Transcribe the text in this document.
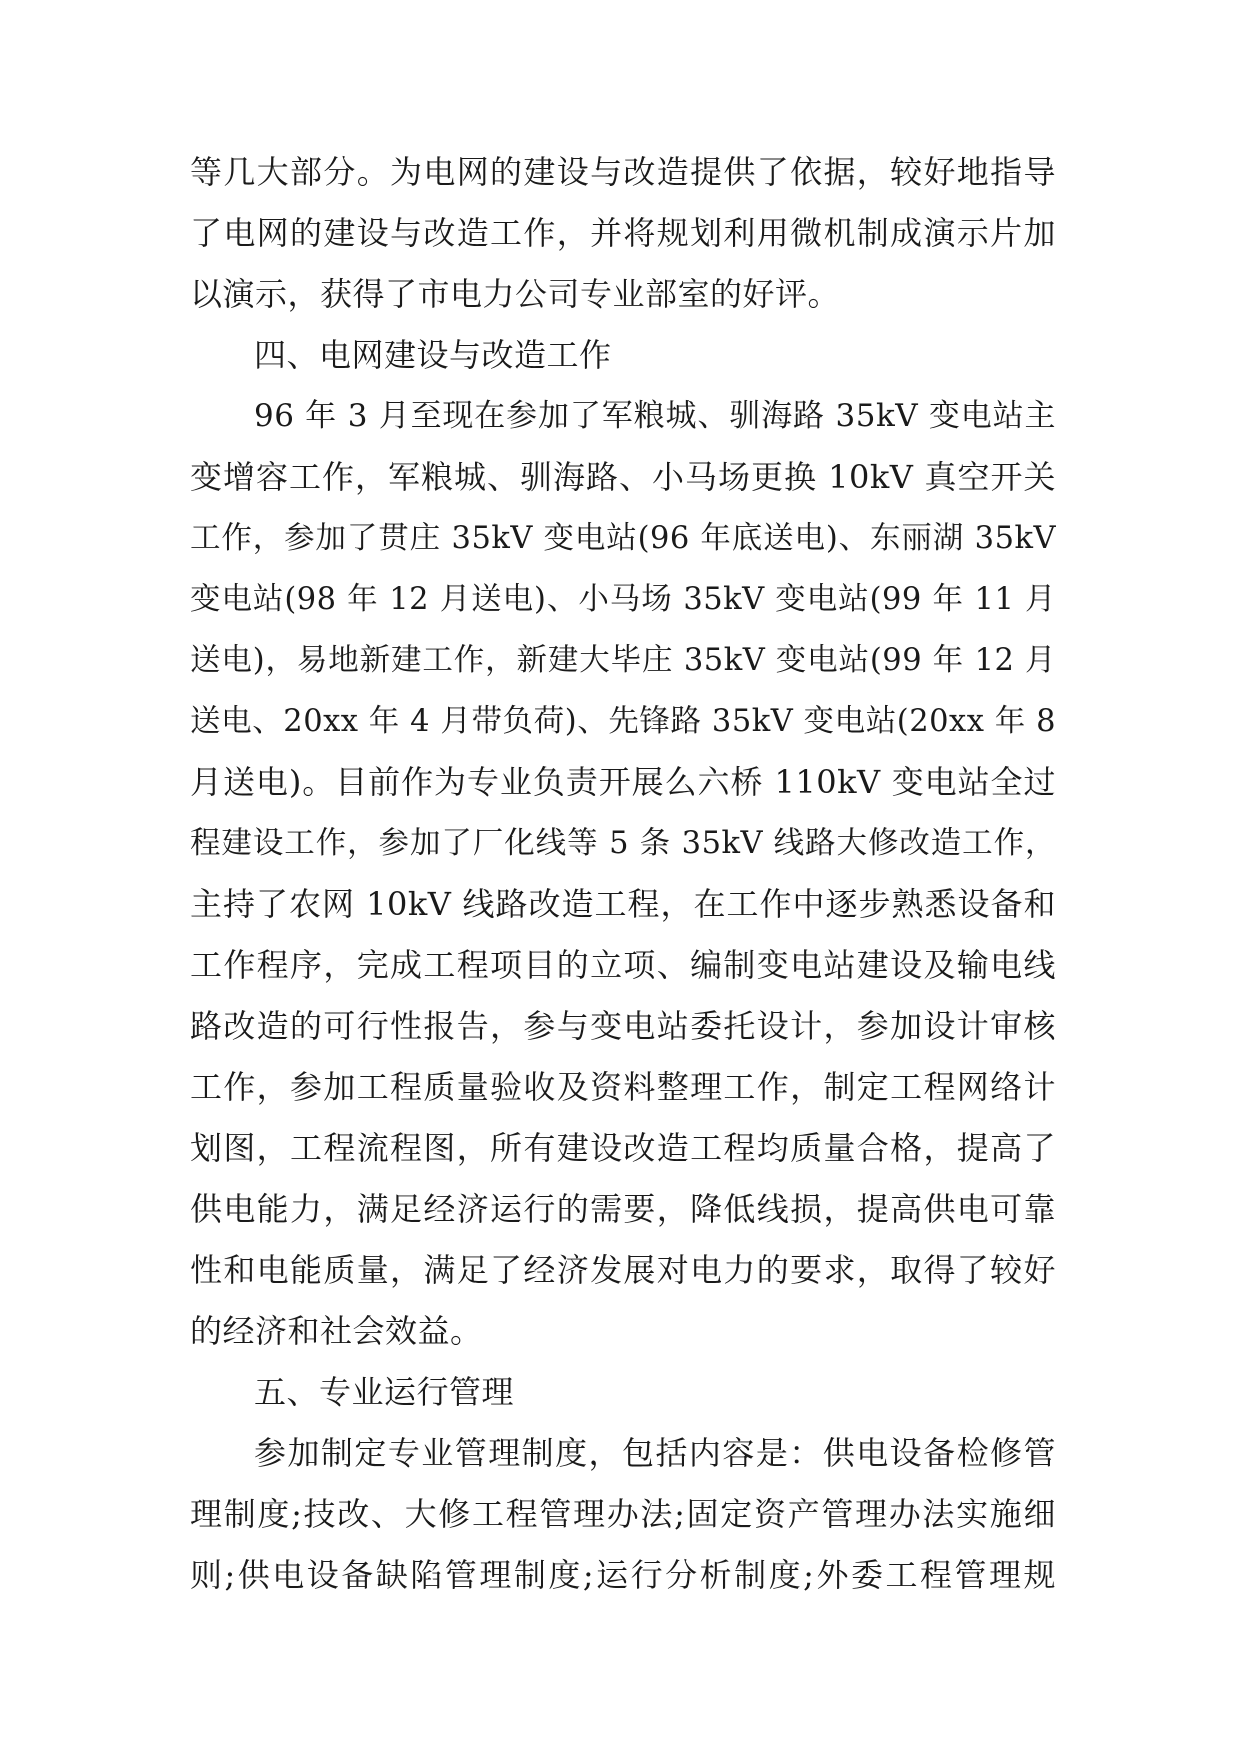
等几大部分。为电网的建设与改造提供了依据，较好地指导
了电网的建设与改造工作，并将规划利用微机制成演示片加
以演示，获得了市电力公司专业部室的好评。
四、电网建设与改造工作
96 年 3 月至现在参加了军粮城、驯海路 35kV 变电站主
变增容工作，军粮城、驯海路、小马场更换 10kV 真空开关
工作，参加了贯庄 35kV 变电站(96 年底送电)、东丽湖 35kV
变电站(98 年 12 月送电)、小马场 35kV 变电站(99 年 11 月
送电)，易地新建工作，新建大毕庄 35kV 变电站(99 年 12 月
送电、20xx 年 4 月带负荷)、先锋路 35kV 变电站(20xx 年 8
月送电)。目前作为专业负责开展么六桥 110kV 变电站全过
程建设工作，参加了厂化线等 5 条 35kV 线路大修改造工作，
主持了农网 10kV 线路改造工程，在工作中逐步熟悉设备和
工作程序，完成工程项目的立项、编制变电站建设及输电线
路改造的可行性报告，参与变电站委托设计，参加设计审核
工作，参加工程质量验收及资料整理工作，制定工程网络计
划图，工程流程图，所有建设改造工程均质量合格，提高了
供电能力，满足经济运行的需要，降低线损，提高供电可靠
性和电能质量，满足了经济发展对电力的要求，取得了较好
的经济和社会效益。
五、专业运行管理
参加制定专业管理制度，包括内容是：供电设备检修管
理制度;技改、大修工程管理办法;固定资产管理办法实施细
则;供电设备缺陷管理制度;运行分析制度;外委工程管理规
